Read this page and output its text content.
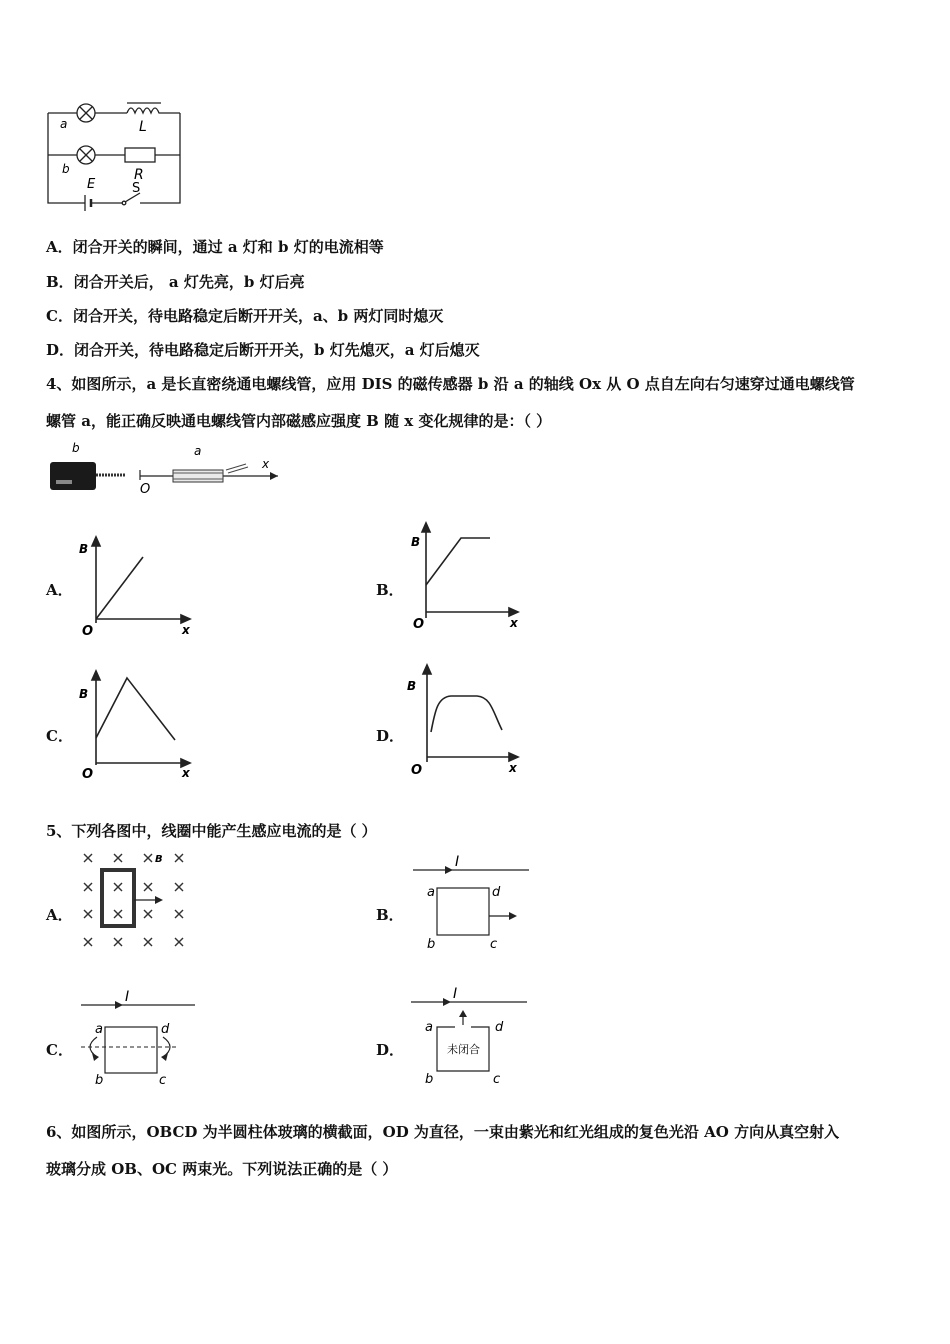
a	L
b	R
E	S
A．闭合开关的瞬间，通过 a 灯和 b 灯的电流相等
B．闭合开关后， a 灯先亮，b 灯后亮
C．闭合开关，待电路稳定后断开开关，a、b 两灯同时熄灭
D．闭合开关，待电路稳定后断开开关，b 灯先熄灭，a 灯后熄灭
4、如图所示，a 是长直密绕通电螺线管，应用 DIS 的磁传感器 b 沿 a 的轴线 Ox 从 O 点自左向右匀速穿过通电螺线管
螺管 a，能正确反映通电螺线管内部磁感应强度 B 随 x 变化规律的是：（ ）
b	a
O
x
A．
B
O	x
B．
B
O	x
C．
B
O	x
D．
B
O	x
5、下列各图中，线圈中能产生感应电流的是（ ）
A．
B
B．
I
a	d
b	c
C．
I
a	d
b	c
D．
I
a	d
b	c
未闭合
6、如图所示，OBCD 为半圆柱体玻璃的横截面，OD 为直径，一束由紫光和红光组成的复色光沿 AO 方向从真空射入
玻璃分成 OB、OC 两束光。下列说法正确的是（ ）
